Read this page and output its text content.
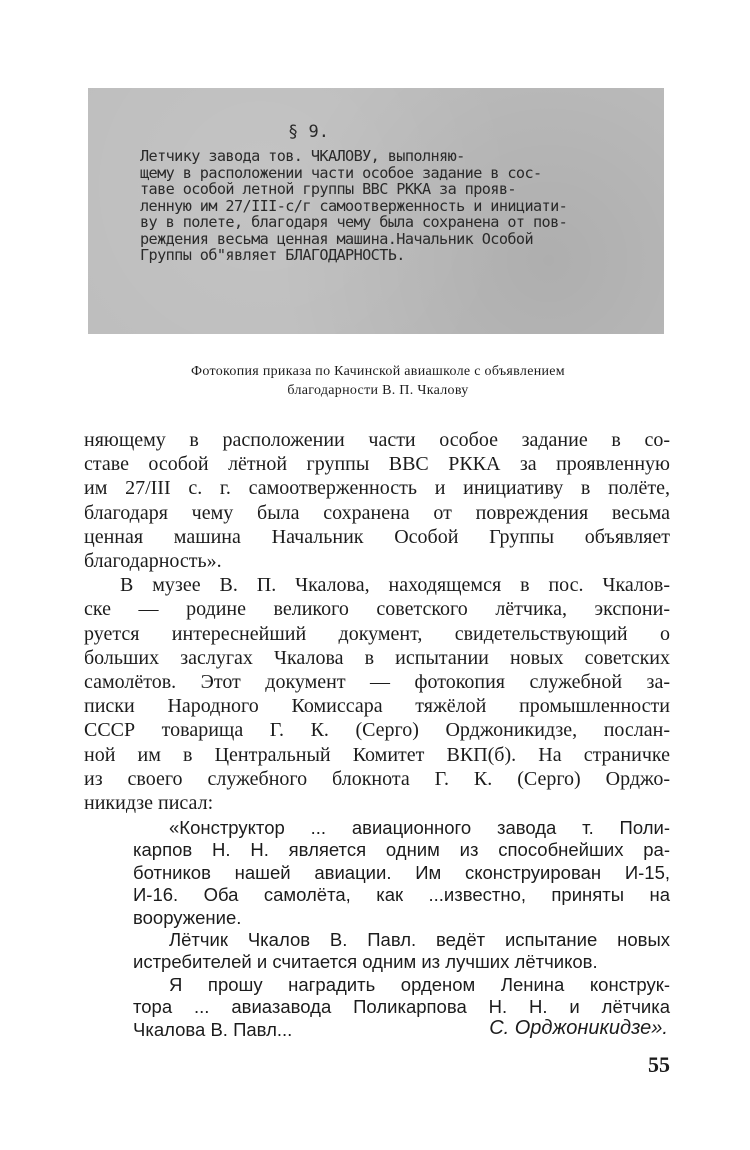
§ 9.
Летчику завода тов. ЧКАЛОВУ, выполняю-
щему в расположении части особое задание в сос-
таве особой летной группы ВВС РККА за прояв-
ленную им 27/III-с/г самоотверженность и инициати-
ву в полете, благодаря чему была сохранена от пов-
реждения весьма ценная машина.Начальник Особой
Группы об"являет БЛАГОДАРНОСТЬ.
Фотокопия приказа по Качинской авиашколе с объявлением
благодарности В. П. Чкалову
няющему в расположении части особое задание в со-
ставе особой лётной группы ВВС РККА за проявленную
им 27/III с. г. самоотверженность и инициативу в полёте,
благодаря чему была сохранена от повреждения весьма
ценная машина Начальник Особой Группы объявляет
благодарность».
В музее В. П. Чкалова, находящемся в пос. Чкалов-
ске — родине великого советского лётчика, экспони-
руется интереснейший документ, свидетельствующий о
больших заслугах Чкалова в испытании новых советских
самолётов. Этот документ — фотокопия служебной за-
писки Народного Комиссара тяжёлой промышленности
СССР товарища Г. К. (Серго) Орджоникидзе, послан-
ной им в Центральный Комитет ВКП(б). На страничке
из своего служебного блокнота Г. К. (Серго) Орджо-
никидзе писал:
«Конструктор ... авиационного завода т. Поли-
карпов Н. Н. является одним из способнейших ра-
ботников нашей авиации. Им сконструирован И-15,
И-16. Оба самолёта, как ...известно, приняты на
вооружение.
Лётчик Чкалов В. Павл. ведёт испытание новых
истребителей и считается одним из лучших лётчиков.
Я прошу наградить орденом Ленина конструк-
тора ... авиазавода Поликарпова Н. Н. и лётчика
Чкалова В. Павл...	С. Орджоникидзе».
55
